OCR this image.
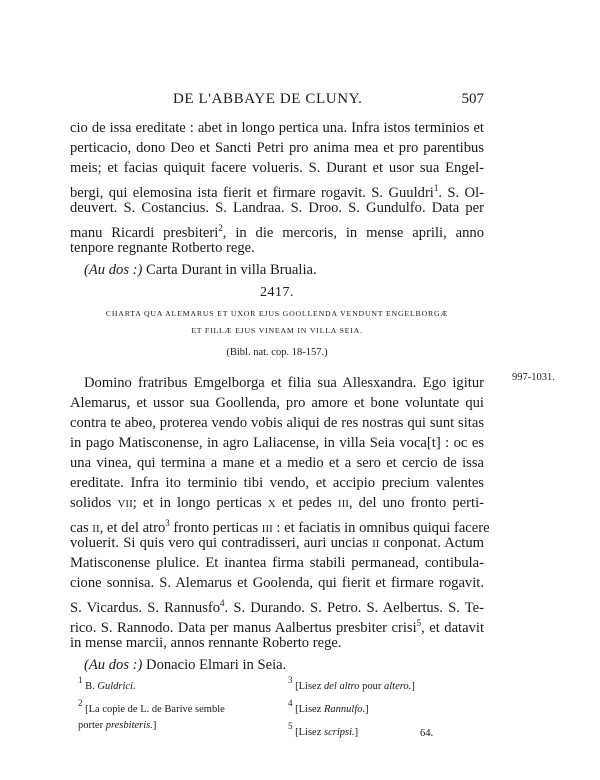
DE L'ABBAYE DE CLUNY.	507
cio de issa ereditate : abet in longo pertica una. Infra istos terminios et
perticacio, dono Deo et Sancti Petri pro anima mea et pro parentibus
meis; et facias quiquit facere volueris. S. Durant et usor sua Engel-
bergi, qui elemosina ista fierit et firmare rogavit. S. Guuldri$^1$. S. Ol-
deuvert. S. Costancius. S. Landraa. S. Droo. S. Gundulfo. Data per
manu Ricardi presbiteri$^2$, in die mercoris, in mense aprili, anno
tenpore regnante Rotberto rege.
(Au dos :) Carta Durant in villa Brualia.
2417.
CHARTA QUA ALEMARUS ET UXOR EJUS GOOLLENDA VENDUNT ENGELBORGÆ
ET FILLÆ EJUS VINEAM IN VILLA SEIA.
(Bibl. nat. cop. 18-157.)
997-1031.
Domino fratribus Emgelborga et filia sua Allesxandra. Ego igitur
Alemarus, et ussor sua Goollenda, pro amore et bone voluntate qui
contra te abeo, proterea vendo vobis aliqui de res nostras qui sunt sitas
in pago Matisconense, in agro Laliacense, in villa Seia voca[t] : oc es
una vinea, qui termina a mane et a medio et a sero et cercio de issa
ereditate. Infra ito terminio tibi vendo, et accipio precium valentes
solidos VII; et in longo perticas X et pedes III, del uno fronto perti-
cas II, et del atro$^3$ fronto perticas III : et faciatis in omnibus quiqui facere
voluerit. Si quis vero qui contradisseri, auri uncias II conponat. Actum
Matisconense plulice. Et inantea firma stabili permanead, contibula-
cione sonnisa. S. Alemarus et Goolenda, qui fierit et firmare rogavit.
S. Vicardus. S. Rannusfo$^4$. S. Durando. S. Petro. S. Aelbertus. S. Te-
rico. S. Rannodo. Data per manus Aalbertus presbiter crisi$^5$, et datavit
in mense marcii, annos rennante Roberto rege.
(Au dos :) Donacio Elmari in Seia.
1 B. Guldrici.
2 [La copie de L. de Barive semble
porter presbiteris.]
3 [Lisez del altro pour altero.]
4 [Lisez Rannulfo.]
5 [Lisez scripsi.]	64.
